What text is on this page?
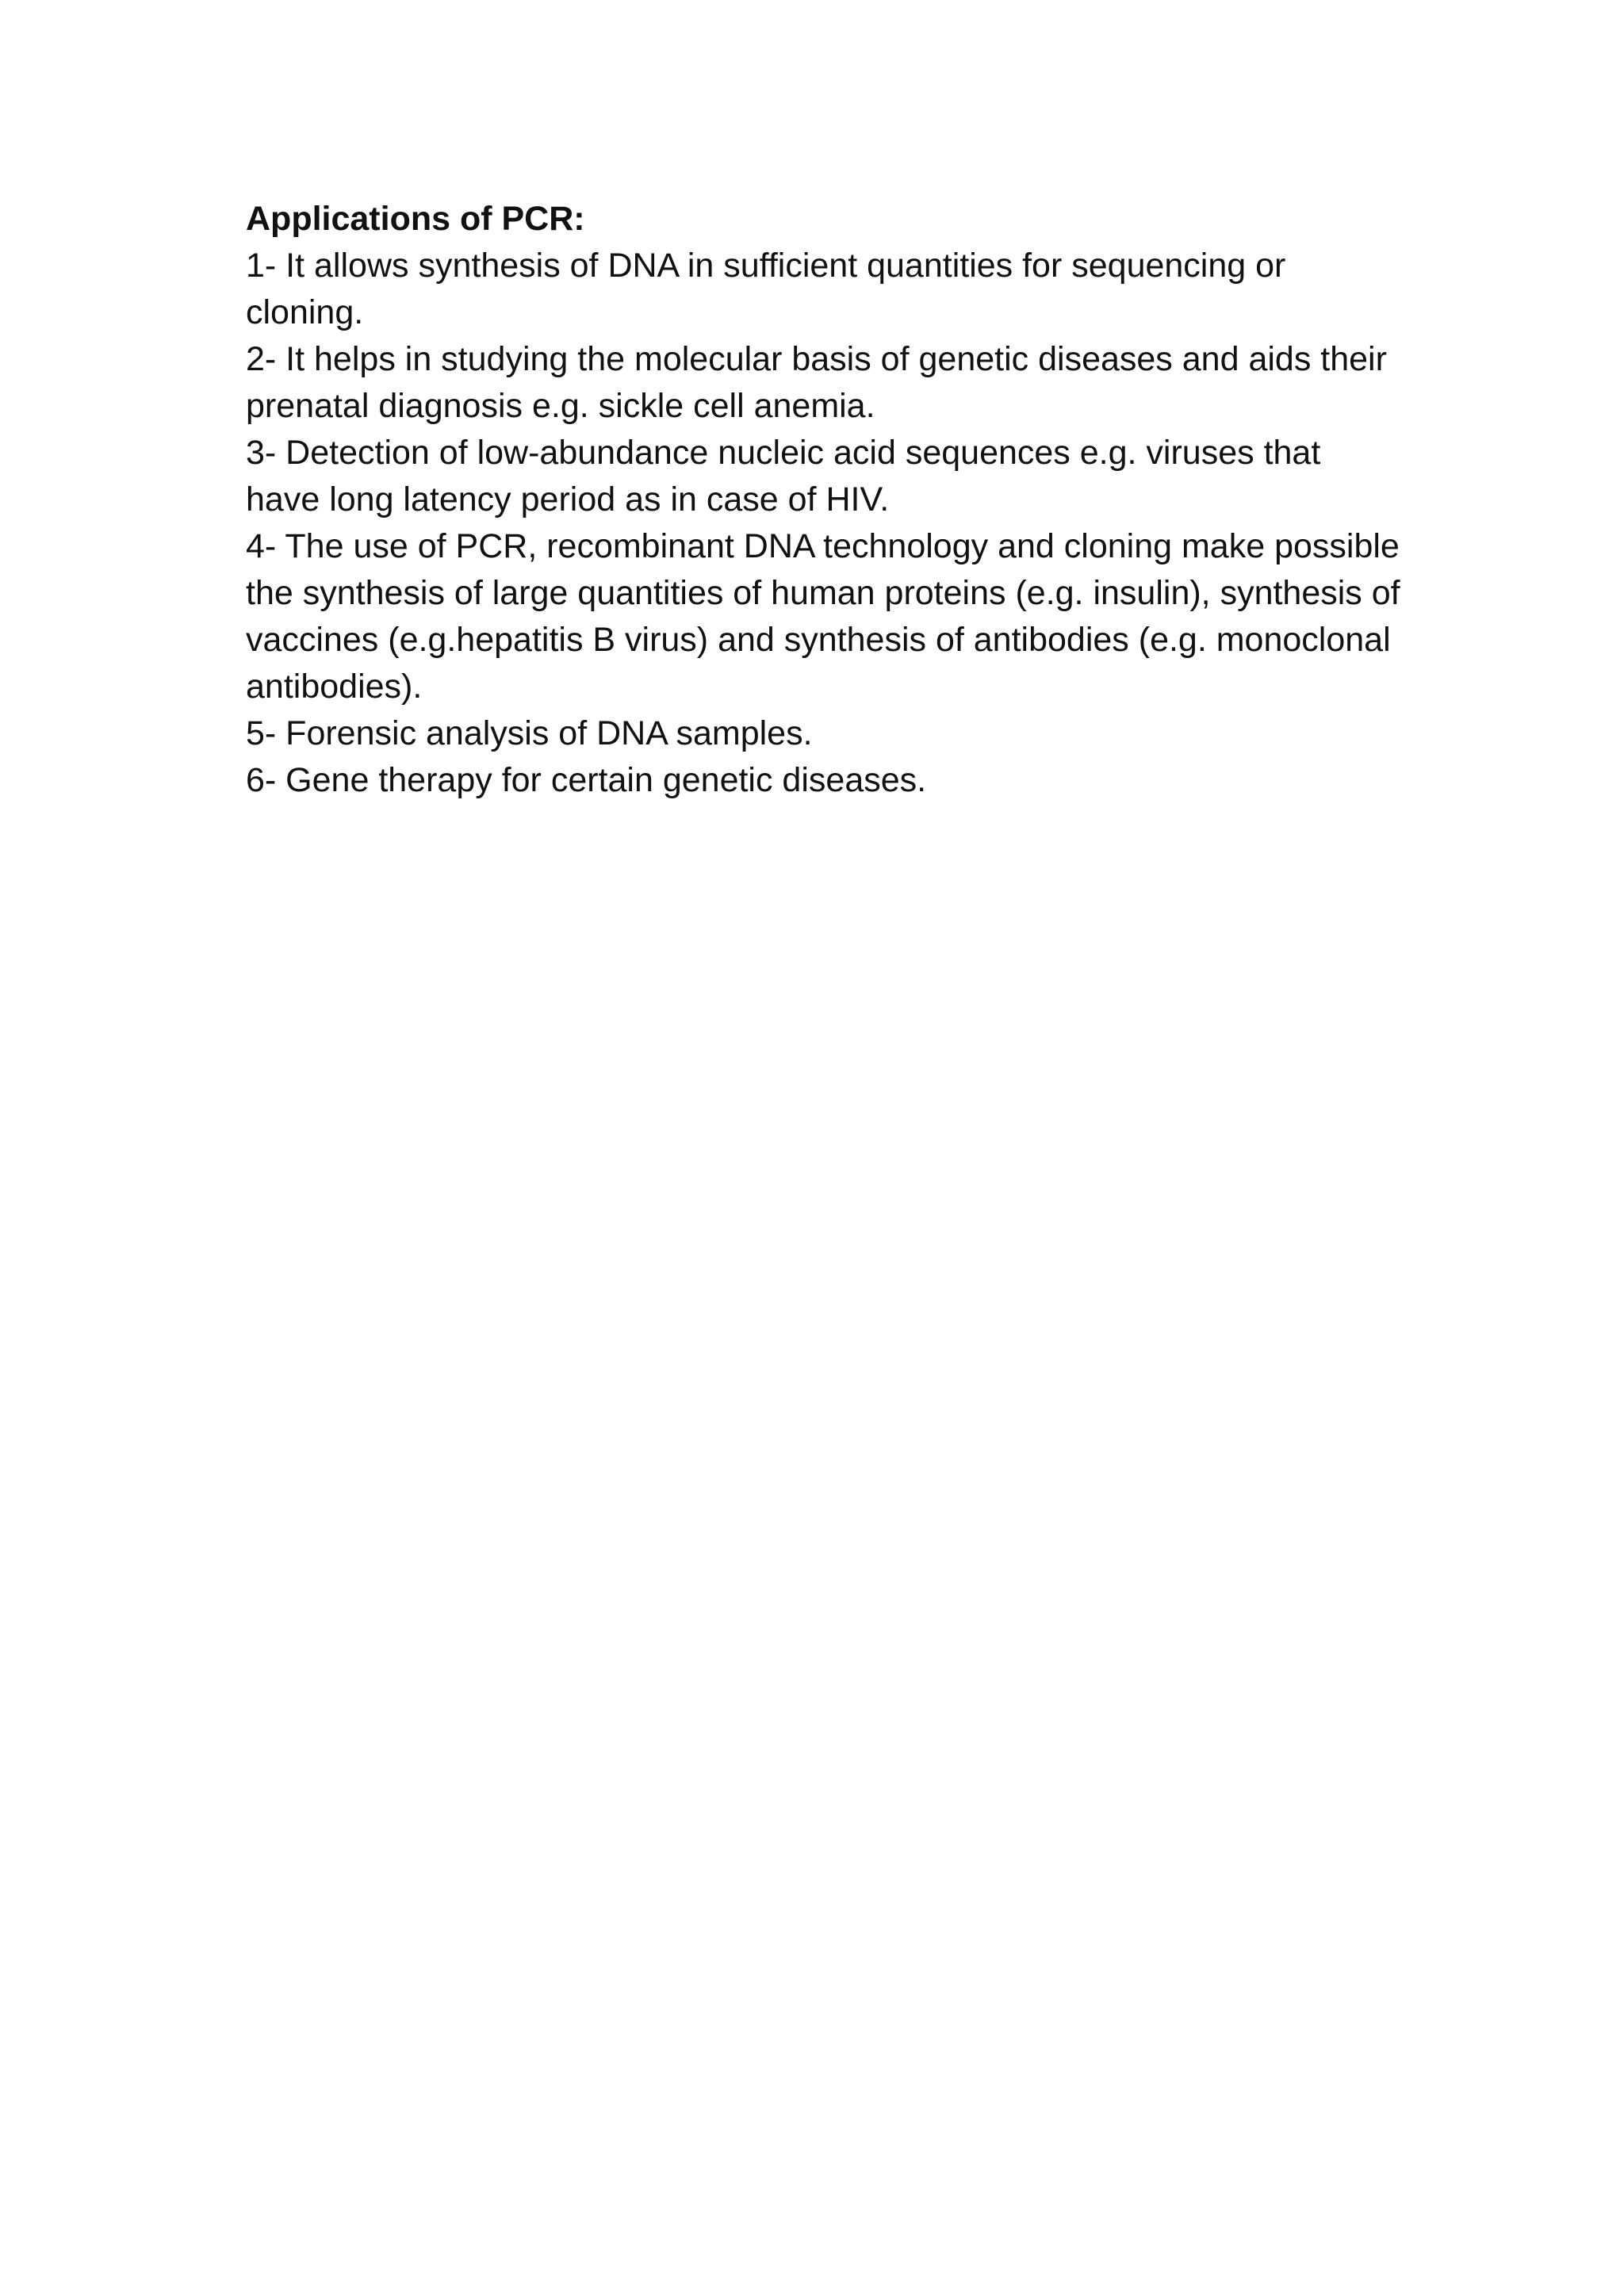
Applications of PCR:

1- It allows synthesis of DNA in sufficient quantities for sequencing or cloning.

2- It helps in studying the molecular basis of genetic diseases and aids their prenatal diagnosis e.g. sickle cell anemia.

3- Detection of low-abundance nucleic acid sequences e.g. viruses that have long latency period as in case of HIV.

4- The use of PCR, recombinant DNA technology and cloning make possible the synthesis of large quantities of human proteins (e.g. insulin), synthesis of vaccines (e.g.hepatitis B virus) and synthesis of antibodies (e.g. monoclonal antibodies).

5- Forensic analysis of DNA samples.

6- Gene therapy for certain genetic diseases.
